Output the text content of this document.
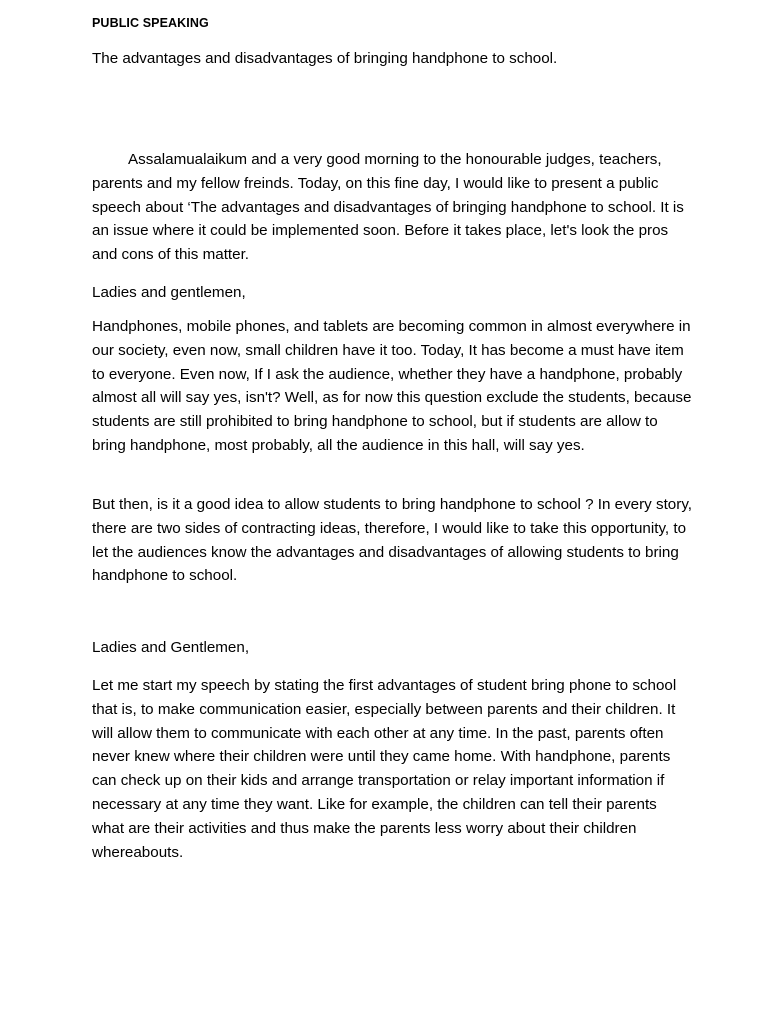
PUBLIC SPEAKING
The advantages and disadvantages of bringing handphone to school.

Assalamualaikum and a very good morning to the honourable judges, teachers, parents and my fellow freinds. Today, on this fine day, I would like to present a public speech about ‘The advantages and disadvantages of bringing handphone to school. It is an issue where it could be implemented soon. Before it takes place, let's look the pros and cons of this matter.

Ladies and gentlemen,

Handphones, mobile phones, and tablets are becoming common in almost everywhere in our society, even now, small children have it too. Today, It has become a must have item to everyone. Even now, If I ask the audience, whether they have a handphone, probably almost all will say yes, isn't? Well, as for now this question exclude the students, because students are still prohibited to bring handphone to school, but if students are allow to bring handphone, most probably, all the audience in this hall, will say yes.

But then, is it a good idea to allow students to bring handphone to school ? In every story, there are two sides of contracting ideas, therefore, I would like to take this opportunity, to let the audiences know the advantages and disadvantages of allowing students to bring handphone to school.

Ladies and Gentlemen,

Let me start my speech by stating the first advantages of student bring phone to school that is, to make communication easier, especially between parents and their children. It will allow them to communicate with each other at any time. In the past, parents often never knew where their children were until they came home. With handphone, parents can check up on their kids and arrange transportation or relay important information if necessary at any time they want. Like for example, the children can tell their parents what are their activities and thus make the parents less worry about their children whereabouts.
